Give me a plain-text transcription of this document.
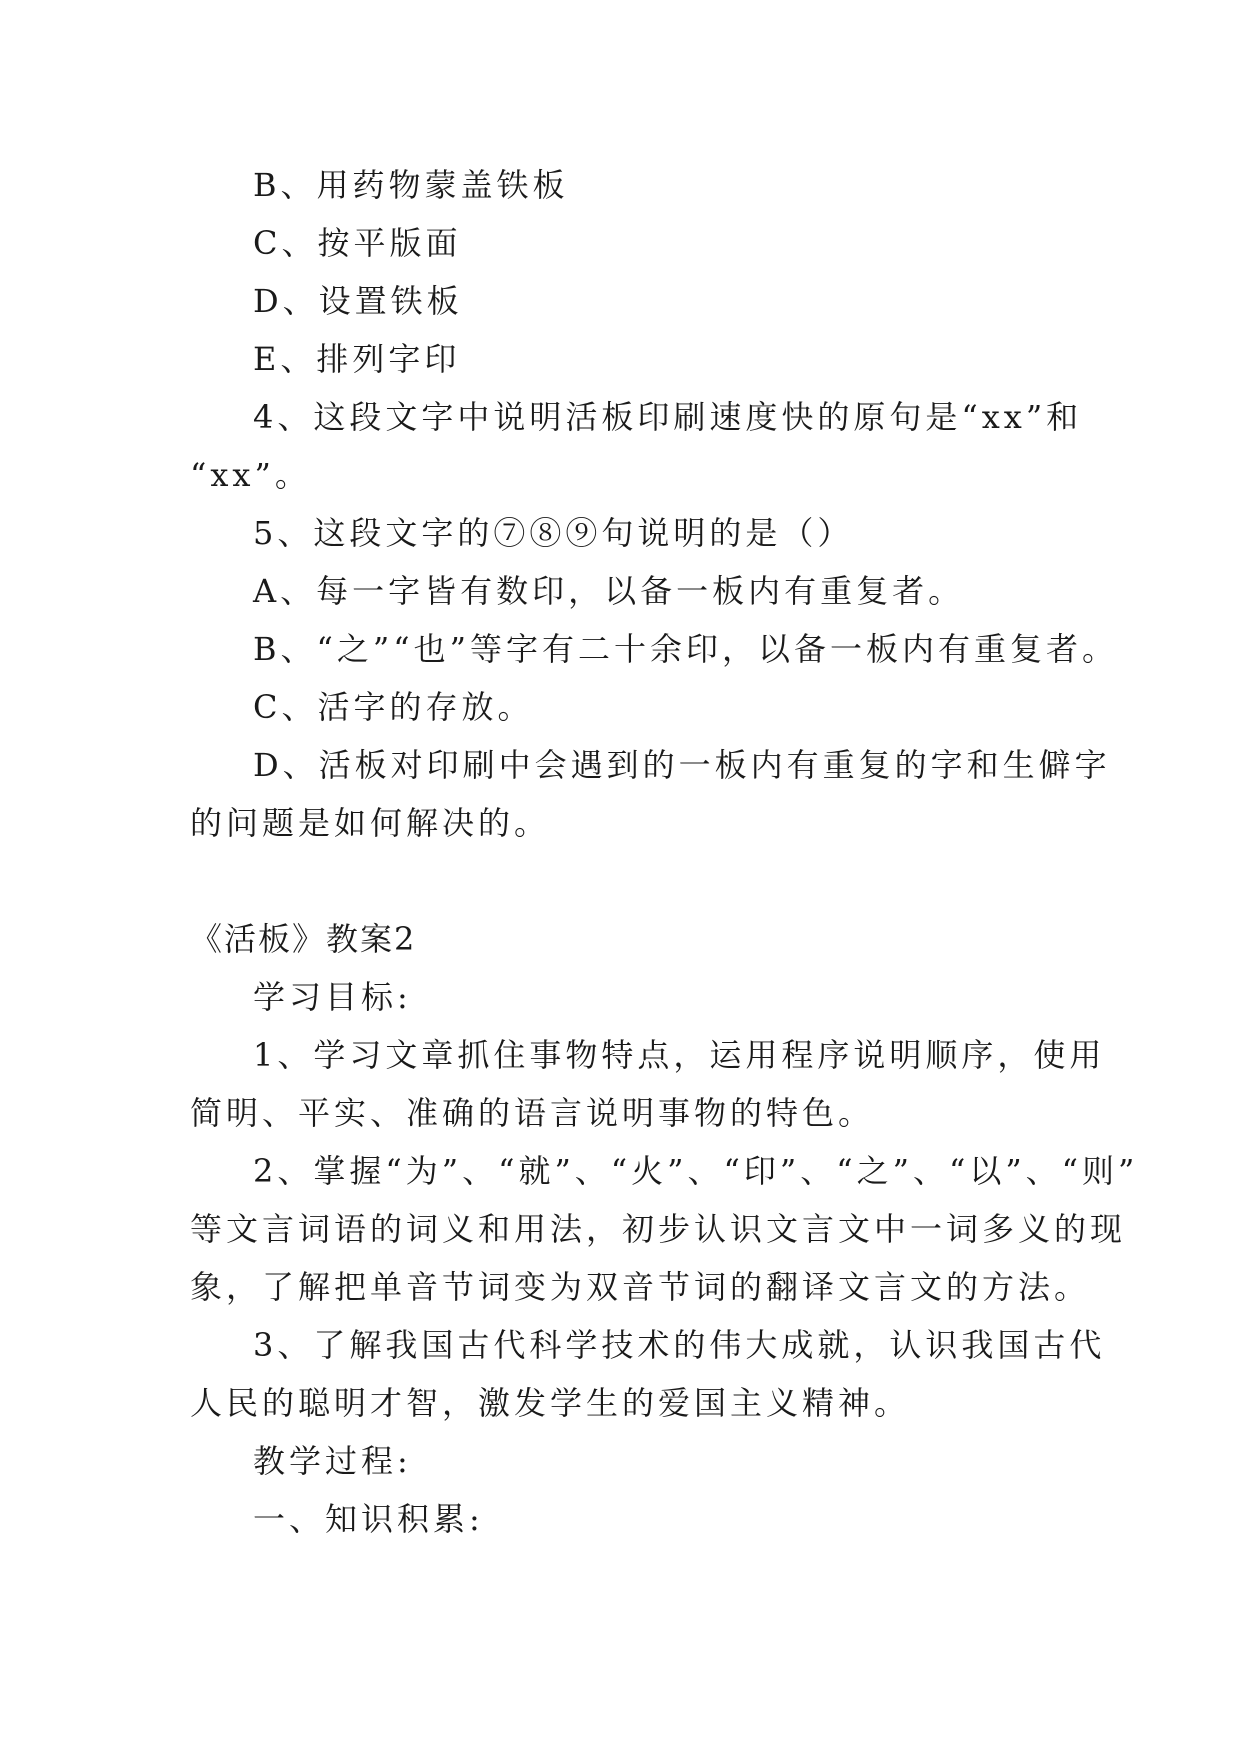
B、用药物蒙盖铁板
C、按平版面
D、设置铁板
E、排列字印
4、这段文字中说明活板印刷速度快的原句是“xx”和
“xx”。
5、这段文字的⑦⑧⑨句说明的是（）
A、每一字皆有数印，以备一板内有重复者。
B、“之”“也”等字有二十余印，以备一板内有重复者。
C、活字的存放。
D、活板对印刷中会遇到的一板内有重复的字和生僻字
的问题是如何解决的。
《活板》教案2
学习目标:
1、学习文章抓住事物特点，运用程序说明顺序，使用
简明、平实、准确的语言说明事物的特色。
2、掌握“为”、“就”、“火”、“印”、“之”、“以”、“则”
等文言词语的词义和用法，初步认识文言文中一词多义的现
象，了解把单音节词变为双音节词的翻译文言文的方法。
3、了解我国古代科学技术的伟大成就，认识我国古代
人民的聪明才智，激发学生的爱国主义精神。
教学过程:
一、知识积累:
